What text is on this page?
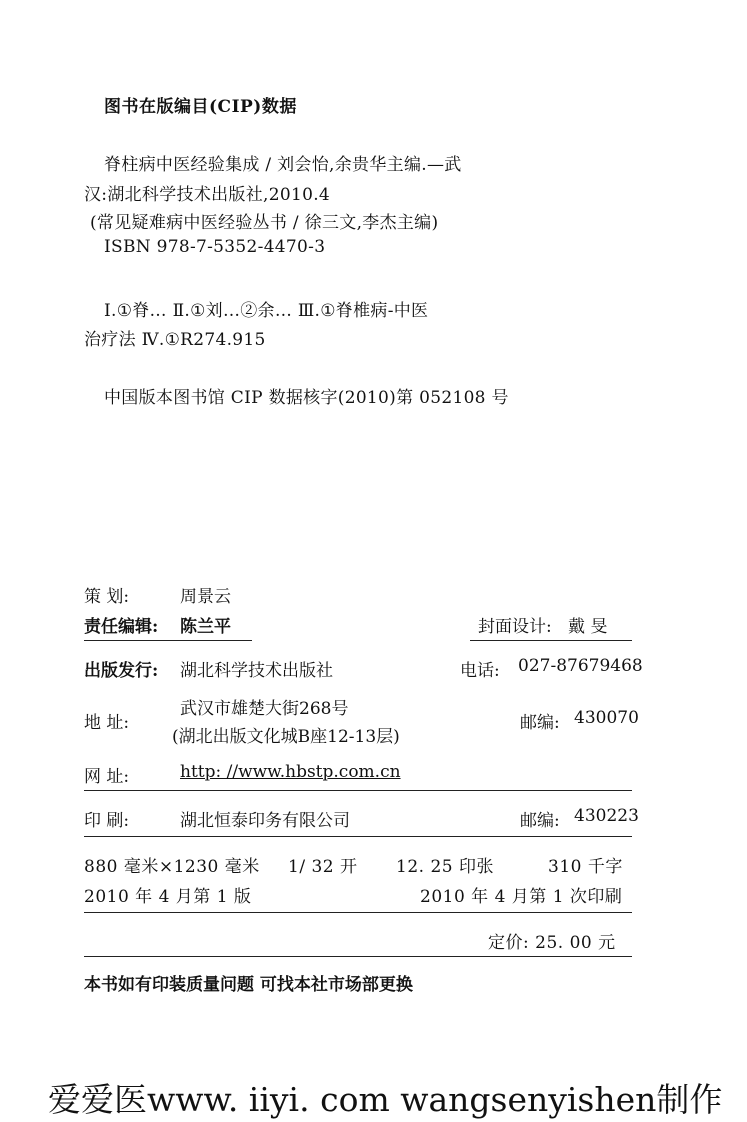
图书在版编目(CIP)数据
脊柱病中医经验集成 / 刘会怡,余贵华主编.—武
汉:湖北科学技术出版社,2010.4
(常见疑难病中医经验丛书 / 徐三文,李杰主编)
ISBN 978-7-5352-4470-3
Ⅰ.①脊… Ⅱ.①刘…②余… Ⅲ.①脊椎病-中医
治疗法 Ⅳ.①R274.915
中国版本图书馆 CIP 数据核字(2010)第 052108 号
策 划:	周景云
责任编辑: 陈兰平	封面设计: 戴 旻
出版发行: 湖北科学技术出版社	电话: 027-87679468
地 址:
武汉市雄楚大街268号
(湖北出版文化城B座12-13层)
邮编: 430070
网 址:	http: //www.hbstp.com.cn
印 刷:	湖北恒泰印务有限公司	邮编: 430223
880 毫米×1230 毫米 1/ 32 开 12. 25 印张	310 千字
2010 年 4 月第 1 版	2010 年 4 月第 1 次印刷
定价: 25. 00 元
本书如有印装质量问题 可找本社市场部更换
爱爱医www. iiyi. com wangsenyishen制作
